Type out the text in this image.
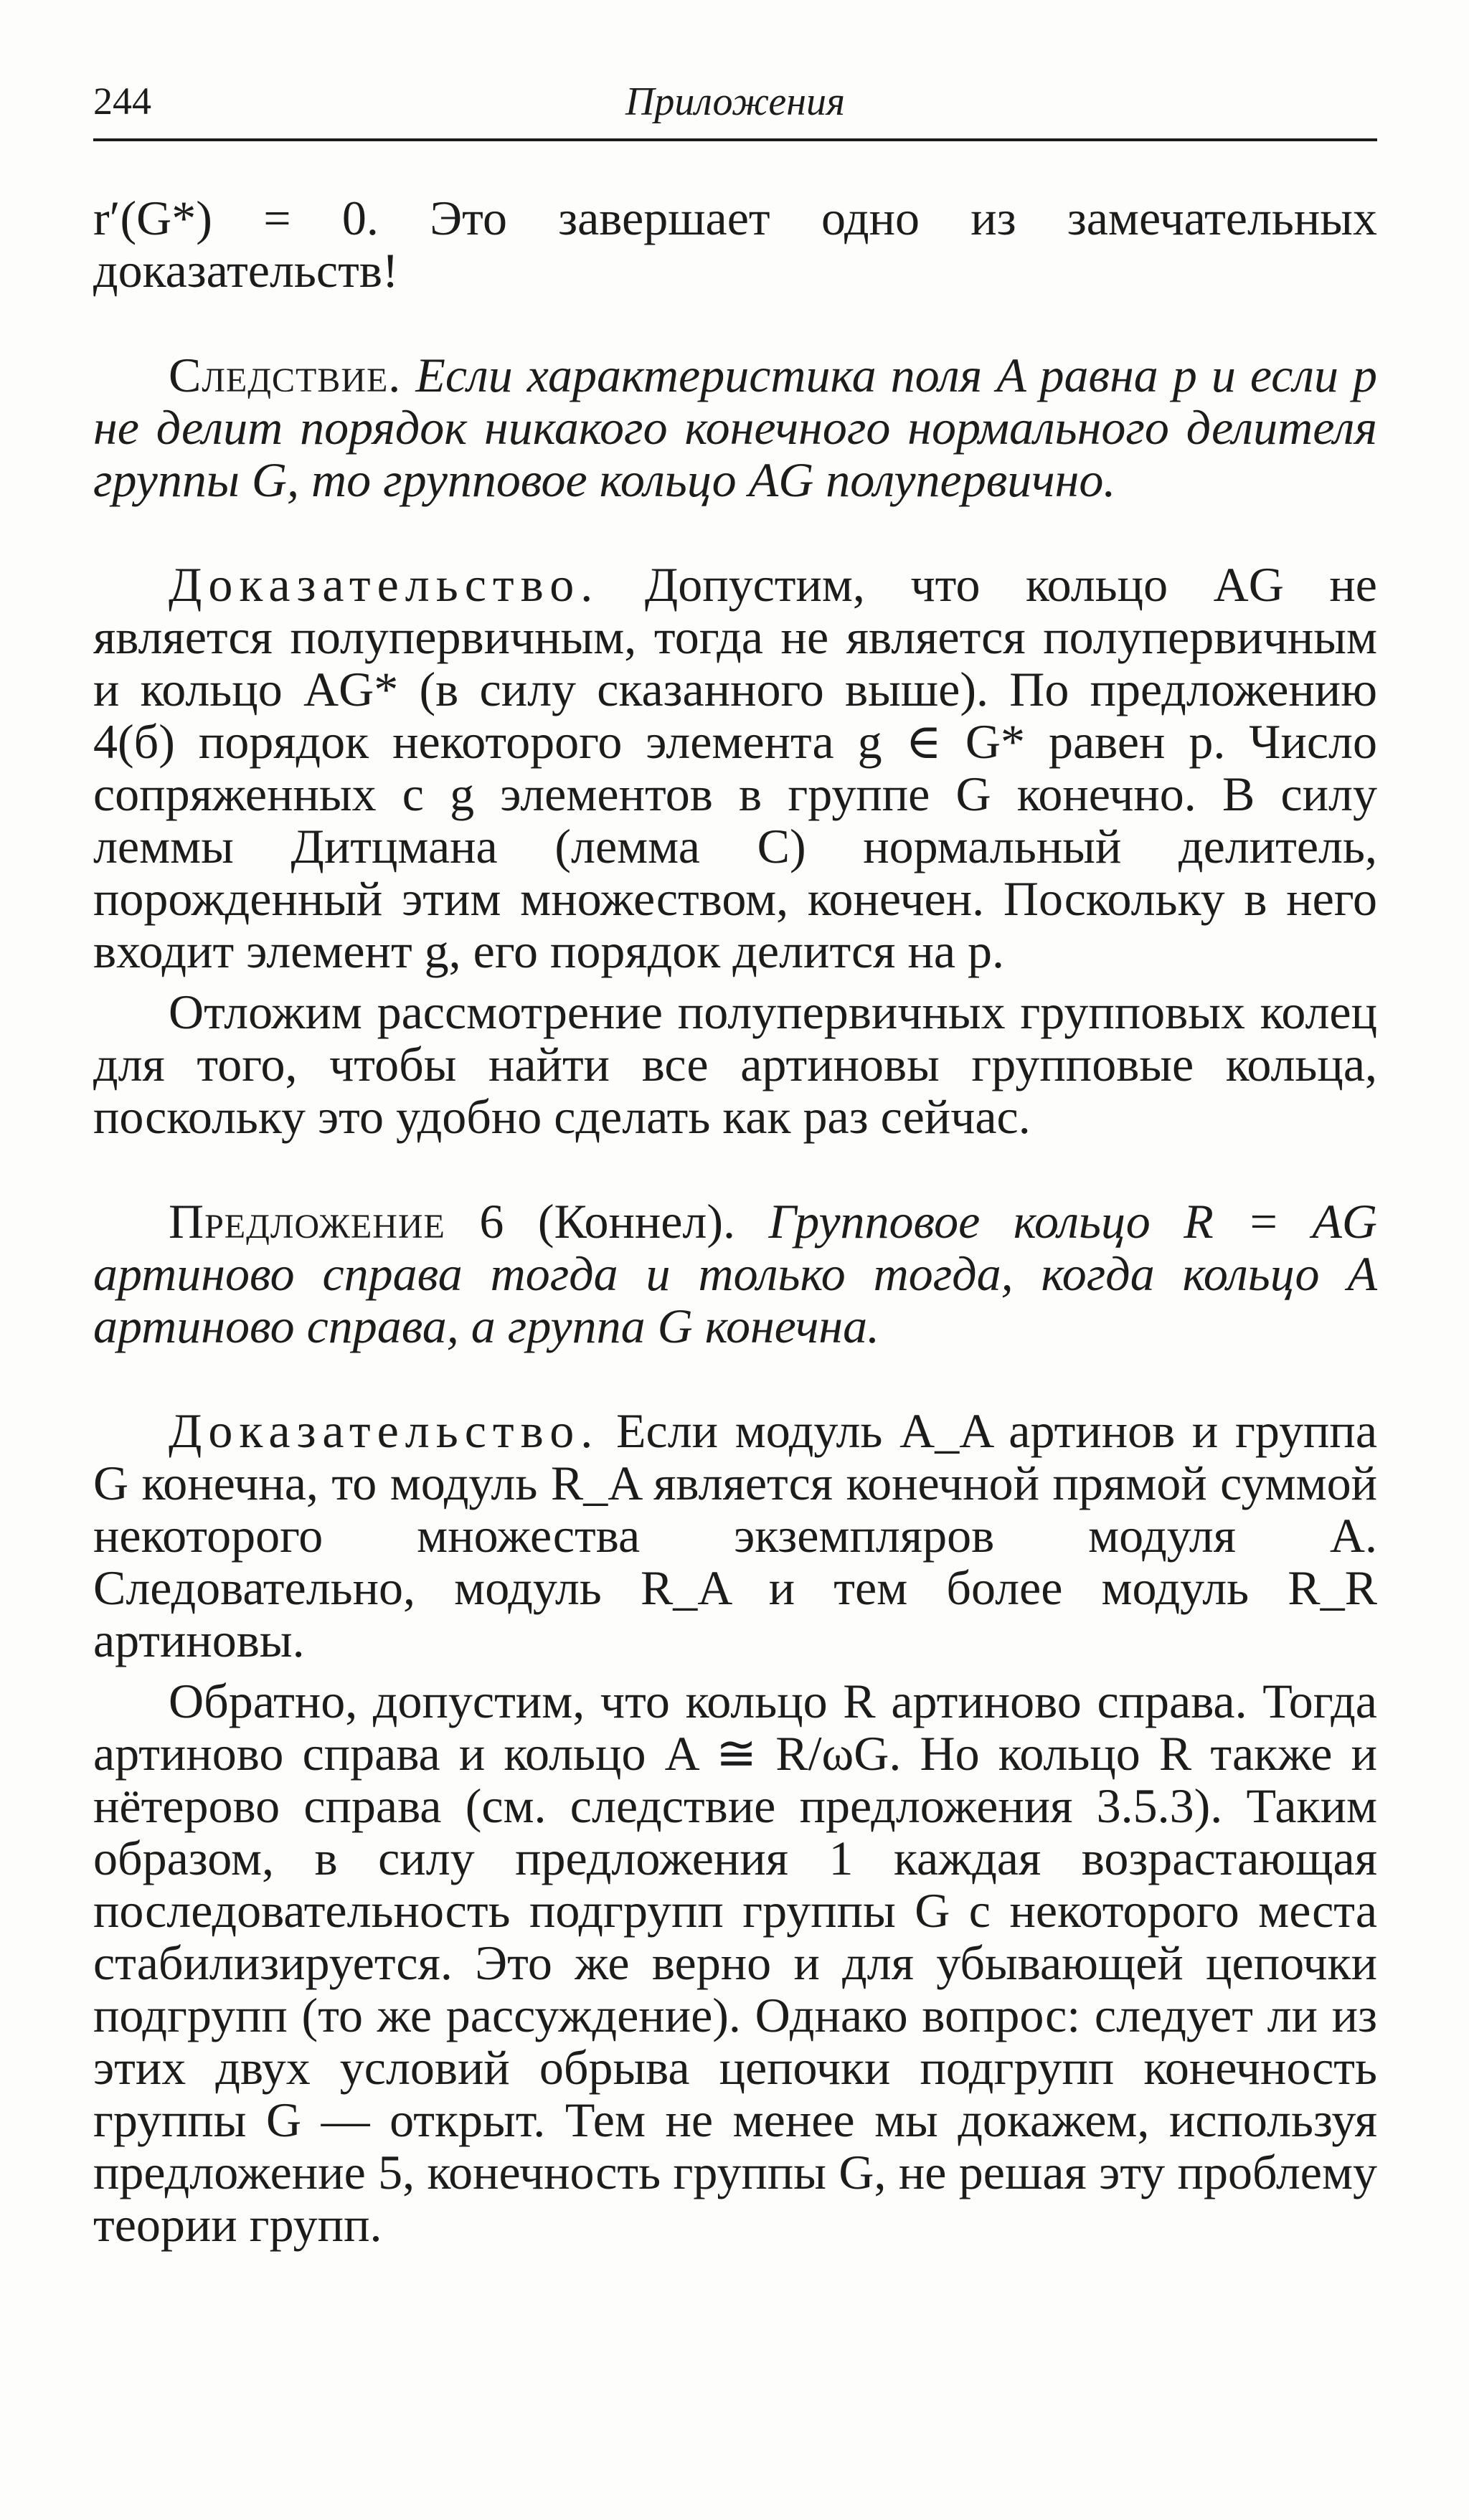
244	Приложения

r′(G*) = 0. Это завершает одно из замечательных доказательств!

Следствие. Если характеристика поля A равна p и если p не делит порядок никакого конечного нормального делителя группы G, то групповое кольцо AG полупервично.

Доказательство. Допустим, что кольцо AG не является полупервичным, тогда не является полупервичным и кольцо AG* (в силу сказанного выше). По предложению 4(б) порядок некоторого элемента g ∈ G* равен p. Число сопряженных с g элементов в группе G конечно. В силу леммы Дитцмана (лемма С) нормальный делитель, порожденный этим множеством, конечен. Поскольку в него входит элемент g, его порядок делится на p.

Отложим рассмотрение полупервичных групповых колец для того, чтобы найти все артиновы групповые кольца, поскольку это удобно сделать как раз сейчас.

Предложение 6 (Коннел). Групповое кольцо R = AG артиново справа тогда и только тогда, когда кольцо A артиново справа, а группа G конечна.

Доказательство. Если модуль A_A артинов и группа G конечна, то модуль R_A является конечной прямой суммой некоторого множества экземпляров модуля A. Следовательно, модуль R_A и тем более модуль R_R артиновы.

Обратно, допустим, что кольцо R артиново справа. Тогда артиново справа и кольцо A ≅ R/ωG. Но кольцо R также и нётерово справа (см. следствие предложения 3.5.3). Таким образом, в силу предложения 1 каждая возрастающая последовательность подгрупп группы G с некоторого места стабилизируется. Это же верно и для убывающей цепочки подгрупп (то же рассуждение). Однако вопрос: следует ли из этих двух условий обрыва цепочки подгрупп конечность группы G — открыт. Тем не менее мы докажем, используя предложение 5, конечность группы G, не решая эту проблему теории групп.
